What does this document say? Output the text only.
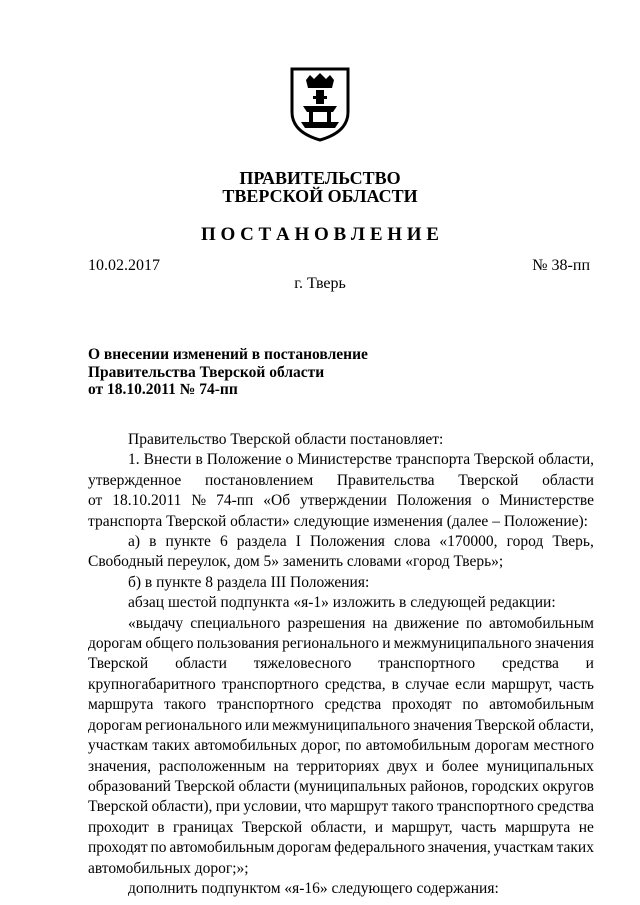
ПРАВИТЕЛЬСТВО
ТВЕРСКОЙ ОБЛАСТИ
П О С Т А Н О В Л Е Н И Е
10.02.2017	№ 38-пп
г. Тверь
О внесении изменений в постановление
Правительства Тверской области
от 18.10.2011 № 74-пп
Правительство Тверской области постановляет:
1. Внести в Положение о Министерстве транспорта Тверской области,
утвержденное постановлением Правительства Тверской области
от 18.10.2011 № 74-пп «Об утверждении Положения о Министерстве
транспорта Тверской области» следующие изменения (далее – Положение):
а) в пункте 6 раздела I Положения слова «170000, город Тверь,
Свободный переулок, дом 5» заменить словами «город Тверь»;
б) в пункте 8 раздела III Положения:
абзац шестой подпункта «я-1» изложить в следующей редакции:
«выдачу специального разрешения на движение по автомобильным
дорогам общего пользования регионального и межмуниципального значения
Тверской области тяжеловесного транспортного средства и
крупногабаритного транспортного средства, в случае если маршрут, часть
маршрута такого транспортного средства проходят по автомобильным
дорогам регионального или межмуниципального значения Тверской области,
участкам таких автомобильных дорог, по автомобильным дорогам местного
значения, расположенным на территориях двух и более муниципальных
образований Тверской области (муниципальных районов, городских округов
Тверской области), при условии, что маршрут такого транспортного средства
проходит в границах Тверской области, и маршрут, часть маршрута не
проходят по автомобильным дорогам федерального значения, участкам таких
автомобильных дорог;»;
дополнить подпунктом «я-16» следующего содержания:
